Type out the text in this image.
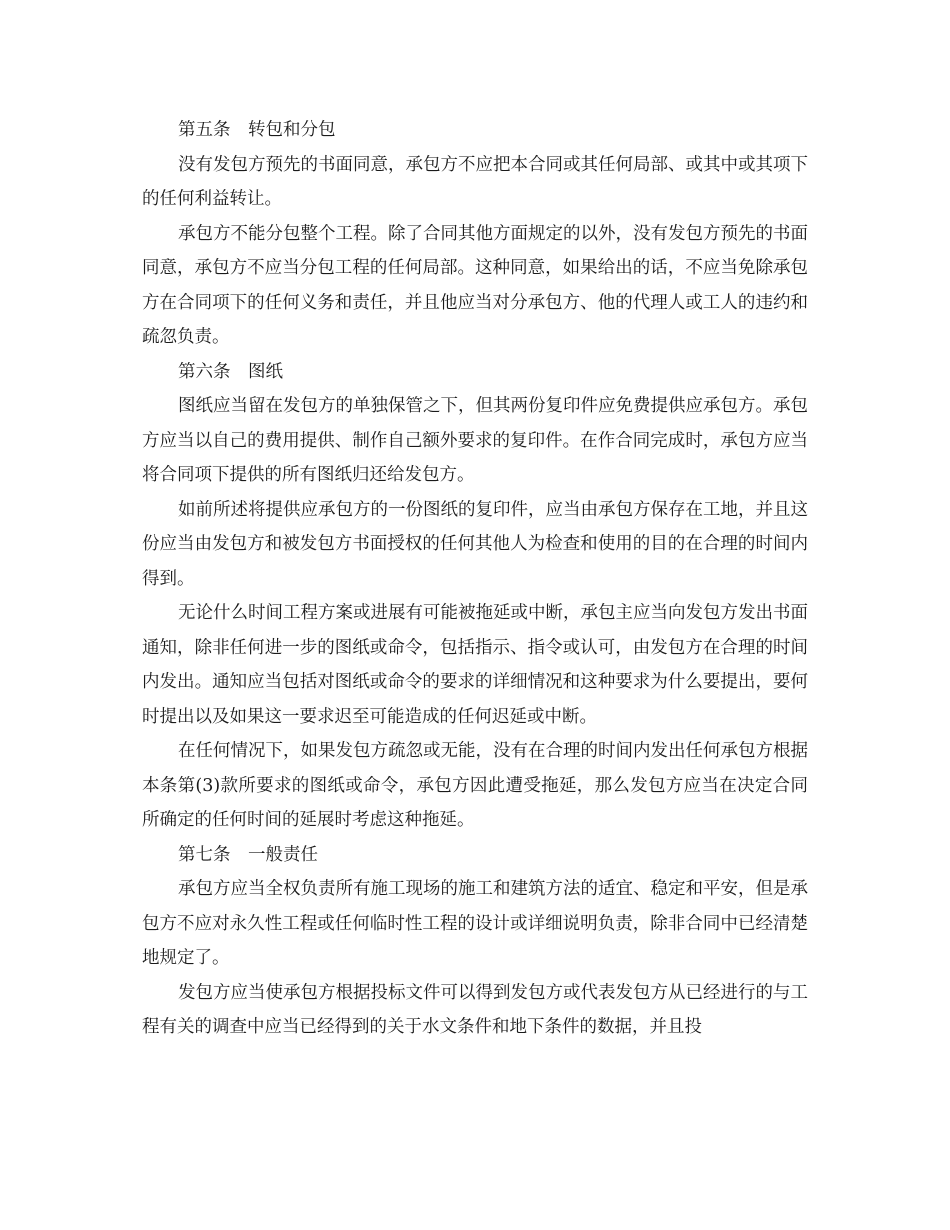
第五条　转包和分包

没有发包方预先的书面同意，承包方不应把本合同或其任何局部、或其中或其项下的任何利益转让。

承包方不能分包整个工程。除了合同其他方面规定的以外，没有发包方预先的书面同意，承包方不应当分包工程的任何局部。这种同意，如果给出的话，不应当免除承包方在合同项下的任何义务和责任，并且他应当对分承包方、他的代理人或工人的违约和疏忽负责。

第六条　图纸

图纸应当留在发包方的单独保管之下，但其两份复印件应免费提供应承包方。承包方应当以自己的费用提供、制作自己额外要求的复印件。在作合同完成时，承包方应当将合同项下提供的所有图纸归还给发包方。

如前所述将提供应承包方的一份图纸的复印件，应当由承包方保存在工地，并且这份应当由发包方和被发包方书面授权的任何其他人为检查和使用的目的在合理的时间内得到。

无论什么时间工程方案或进展有可能被拖延或中断，承包主应当向发包方发出书面通知，除非任何进一步的图纸或命令，包括指示、指令或认可，由发包方在合理的时间内发出。通知应当包括对图纸或命令的要求的详细情况和这种要求为什么要提出，要何时提出以及如果这一要求迟至可能造成的任何迟延或中断。

在任何情况下，如果发包方疏忽或无能，没有在合理的时间内发出任何承包方根据本条第(3)款所要求的图纸或命令，承包方因此遭受拖延，那么发包方应当在决定合同所确定的任何时间的延展时考虑这种拖延。

第七条　一般责任

承包方应当全权负责所有施工现场的施工和建筑方法的适宜、稳定和平安，但是承包方不应对永久性工程或任何临时性工程的设计或详细说明负责，除非合同中已经清楚地规定了。

发包方应当使承包方根据投标文件可以得到发包方或代表发包方从已经进行的与工程有关的调查中应当已经得到的关于水文条件和地下条件的数据，并且投
